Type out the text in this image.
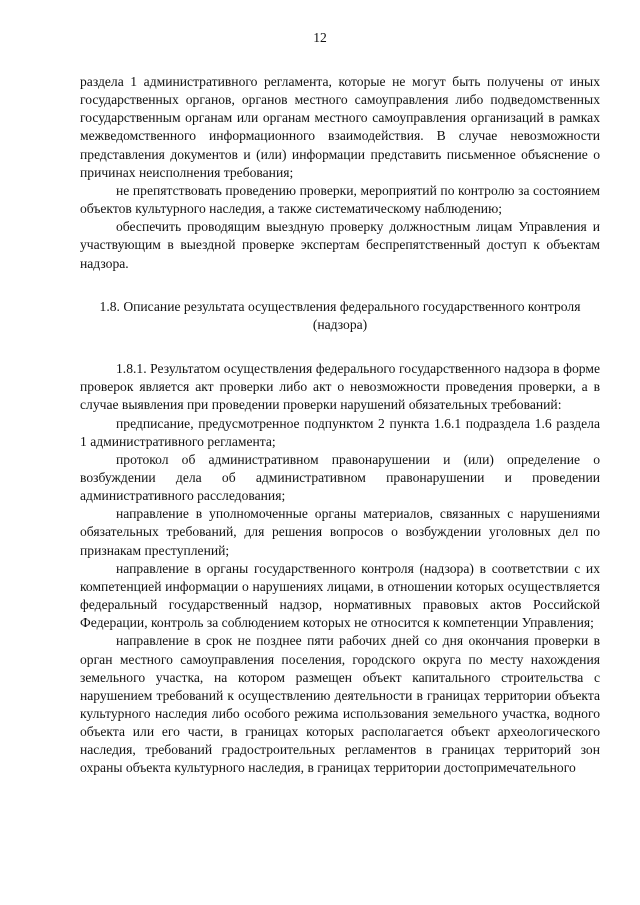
12

раздела 1 административного регламента, которые не могут быть получены от иных государственных органов, органов местного самоуправления либо подведомственных государственным органам или органам местного самоуправления организаций в рамках межведомственного информационного взаимодействия. В случае невозможности представления документов и (или) информации представить письменное объяснение о причинах неисполнения требования;

не препятствовать проведению проверки, мероприятий по контролю за состоянием объектов культурного наследия, а также систематическому наблюдению;

обеспечить проводящим выездную проверку должностным лицам Управления и участвующим в выездной проверке экспертам беспрепятственный доступ к объектам надзора.

1.8. Описание результата осуществления федерального государственного контроля (надзора)

1.8.1. Результатом осуществления федерального государственного надзора в форме проверок является акт проверки либо акт о невозможности проведения проверки, а в случае выявления при проведении проверки нарушений обязательных требований:

предписание, предусмотренное подпунктом 2 пункта 1.6.1 подраздела 1.6 раздела 1 административного регламента;

протокол об административном правонарушении и (или) определение о возбуждении дела об административном правонарушении и проведении административного расследования;

направление в уполномоченные органы материалов, связанных с нарушениями обязательных требований, для решения вопросов о возбуждении уголовных дел по признакам преступлений;

направление в органы государственного контроля (надзора) в соответствии с их компетенцией информации о нарушениях лицами, в отношении которых осуществляется федеральный государственный надзор, нормативных правовых актов Российской Федерации, контроль за соблюдением которых не относится к компетенции Управления;

направление в срок не позднее пяти рабочих дней со дня окончания проверки в орган местного самоуправления поселения, городского округа по месту нахождения земельного участка, на котором размещен объект капитального строительства с нарушением требований к осуществлению деятельности в границах территории объекта культурного наследия либо особого режима использования земельного участка, водного объекта или его части, в границах которых располагается объект археологического наследия, требований градостроительных регламентов в границах территорий зон охраны объекта культурного наследия, в границах территории достопримечательного
